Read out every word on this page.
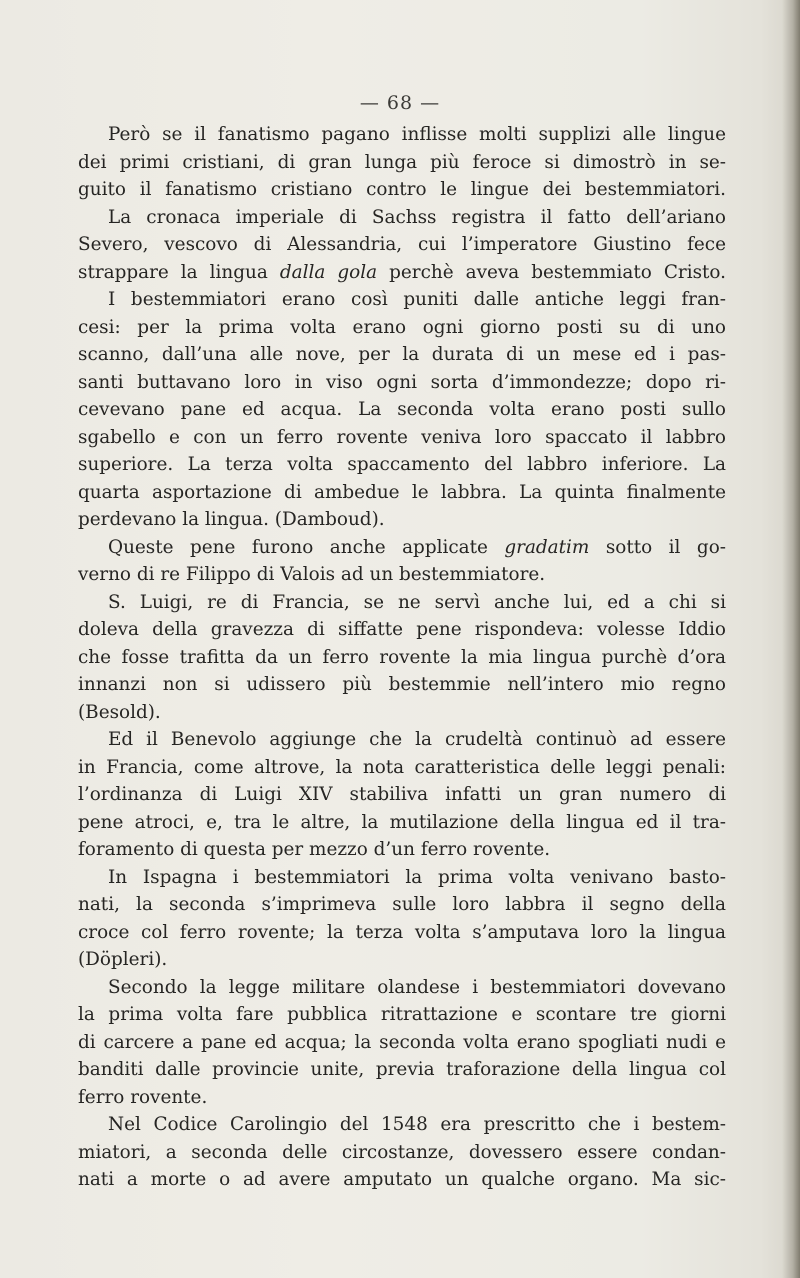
— 68 —
Però se il fanatismo pagano inflisse molti supplizi alle lingue
dei primi cristiani, di gran lunga più feroce si dimostrò in se-
guito il fanatismo cristiano contro le lingue dei bestemmiatori.
La cronaca imperiale di Sachss registra il fatto dell’ariano
Severo, vescovo di Alessandria, cui l’imperatore Giustino fece
strappare la lingua dalla gola perchè aveva bestemmiato Cristo.
I bestemmiatori erano così puniti dalle antiche leggi fran-
cesi: per la prima volta erano ogni giorno posti su di uno
scanno, dall’una alle nove, per la durata di un mese ed i pas-
santi buttavano loro in viso ogni sorta d’immondezze; dopo ri-
cevevano pane ed acqua. La seconda volta erano posti sullo
sgabello e con un ferro rovente veniva loro spaccato il labbro
superiore. La terza volta spaccamento del labbro inferiore. La
quarta asportazione di ambedue le labbra. La quinta finalmente
perdevano la lingua. (Damboud).
Queste pene furono anche applicate gradatim sotto il go-
verno di re Filippo di Valois ad un bestemmiatore.
S. Luigi, re di Francia, se ne servì anche lui, ed a chi si
doleva della gravezza di siffatte pene rispondeva: volesse Iddio
che fosse trafitta da un ferro rovente la mia lingua purchè d’ora
innanzi non si udissero più bestemmie nell’intero mio regno
(Besold).
Ed il Benevolo aggiunge che la crudeltà continuò ad essere
in Francia, come altrove, la nota caratteristica delle leggi penali:
l’ordinanza di Luigi XIV stabiliva infatti un gran numero di
pene atroci, e, tra le altre, la mutilazione della lingua ed il tra-
foramento di questa per mezzo d’un ferro rovente.
In Ispagna i bestemmiatori la prima volta venivano basto-
nati, la seconda s’imprimeva sulle loro labbra il segno della
croce col ferro rovente; la terza volta s’amputava loro la lingua
(Döpleri).
Secondo la legge militare olandese i bestemmiatori dovevano
la prima volta fare pubblica ritrattazione e scontare tre giorni
di carcere a pane ed acqua; la seconda volta erano spogliati nudi e
banditi dalle provincie unite, previa traforazione della lingua col
ferro rovente.
Nel Codice Carolingio del 1548 era prescritto che i bestem-
miatori, a seconda delle circostanze, dovessero essere condan-
nati a morte o ad avere amputato un qualche organo. Ma sic-
